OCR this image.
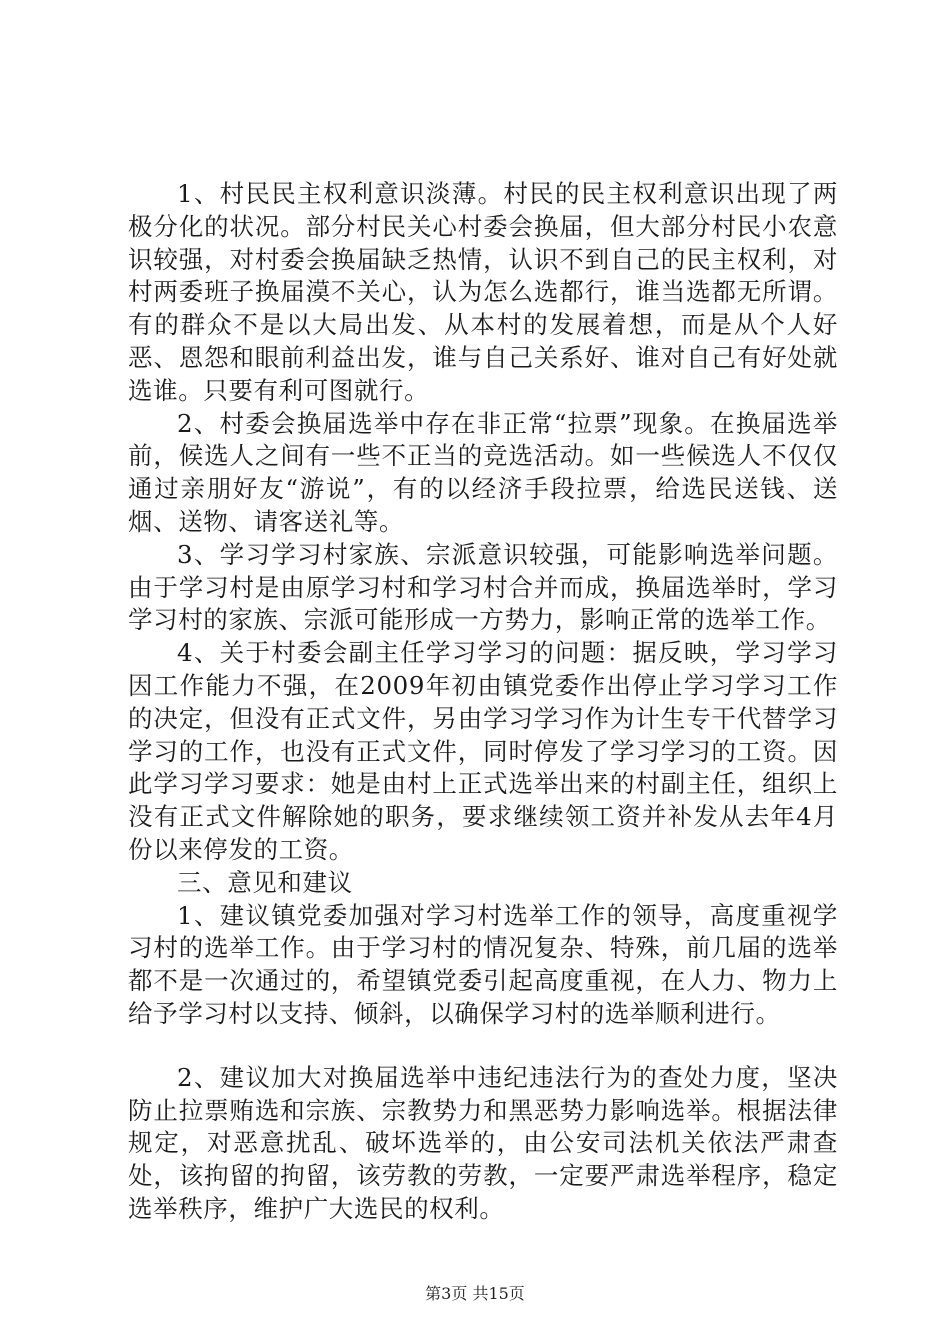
1、村民民主权利意识淡薄。村民的民主权利意识出现了两极分化的状况。部分村民关心村委会换届，但大部分村民小农意识较强，对村委会换届缺乏热情，认识不到自己的民主权利，对村两委班子换届漠不关心，认为怎么选都行，谁当选都无所谓。有的群众不是以大局出发、从本村的发展着想，而是从个人好恶、恩怨和眼前利益出发，谁与自己关系好、谁对自己有好处就选谁。只要有利可图就行。

2、村委会换届选举中存在非正常“拉票”现象。在换届选举前，候选人之间有一些不正当的竞选活动。如一些候选人不仅仅通过亲朋好友“游说”，有的以经济手段拉票，给选民送钱、送烟、送物、请客送礼等。

3、学习学习村家族、宗派意识较强，可能影响选举问题。由于学习村是由原学习村和学习村合并而成，换届选举时，学习学习村的家族、宗派可能形成一方势力，影响正常的选举工作。

4、关于村委会副主任学习学习的问题：据反映，学习学习因工作能力不强，在2009年初由镇党委作出停止学习学习工作的决定，但没有正式文件，另由学习学习作为计生专干代替学习学习的工作，也没有正式文件，同时停发了学习学习的工资。因此学习学习要求：她是由村上正式选举出来的村副主任，组织上没有正式文件解除她的职务，要求继续领工资并补发从去年4月份以来停发的工资。

三、意见和建议

1、建议镇党委加强对学习村选举工作的领导，高度重视学习村的选举工作。由于学习村的情况复杂、特殊，前几届的选举都不是一次通过的，希望镇党委引起高度重视，在人力、物力上给予学习村以支持、倾斜，以确保学习村的选举顺利进行。

2、建议加大对换届选举中违纪违法行为的查处力度，坚决防止拉票贿选和宗族、宗教势力和黑恶势力影响选举。根据法律规定，对恶意扰乱、破坏选举的，由公安司法机关依法严肃查处，该拘留的拘留，该劳教的劳教，一定要严肃选举程序，稳定选举秩序，维护广大选民的权利。

第3页 共15页
